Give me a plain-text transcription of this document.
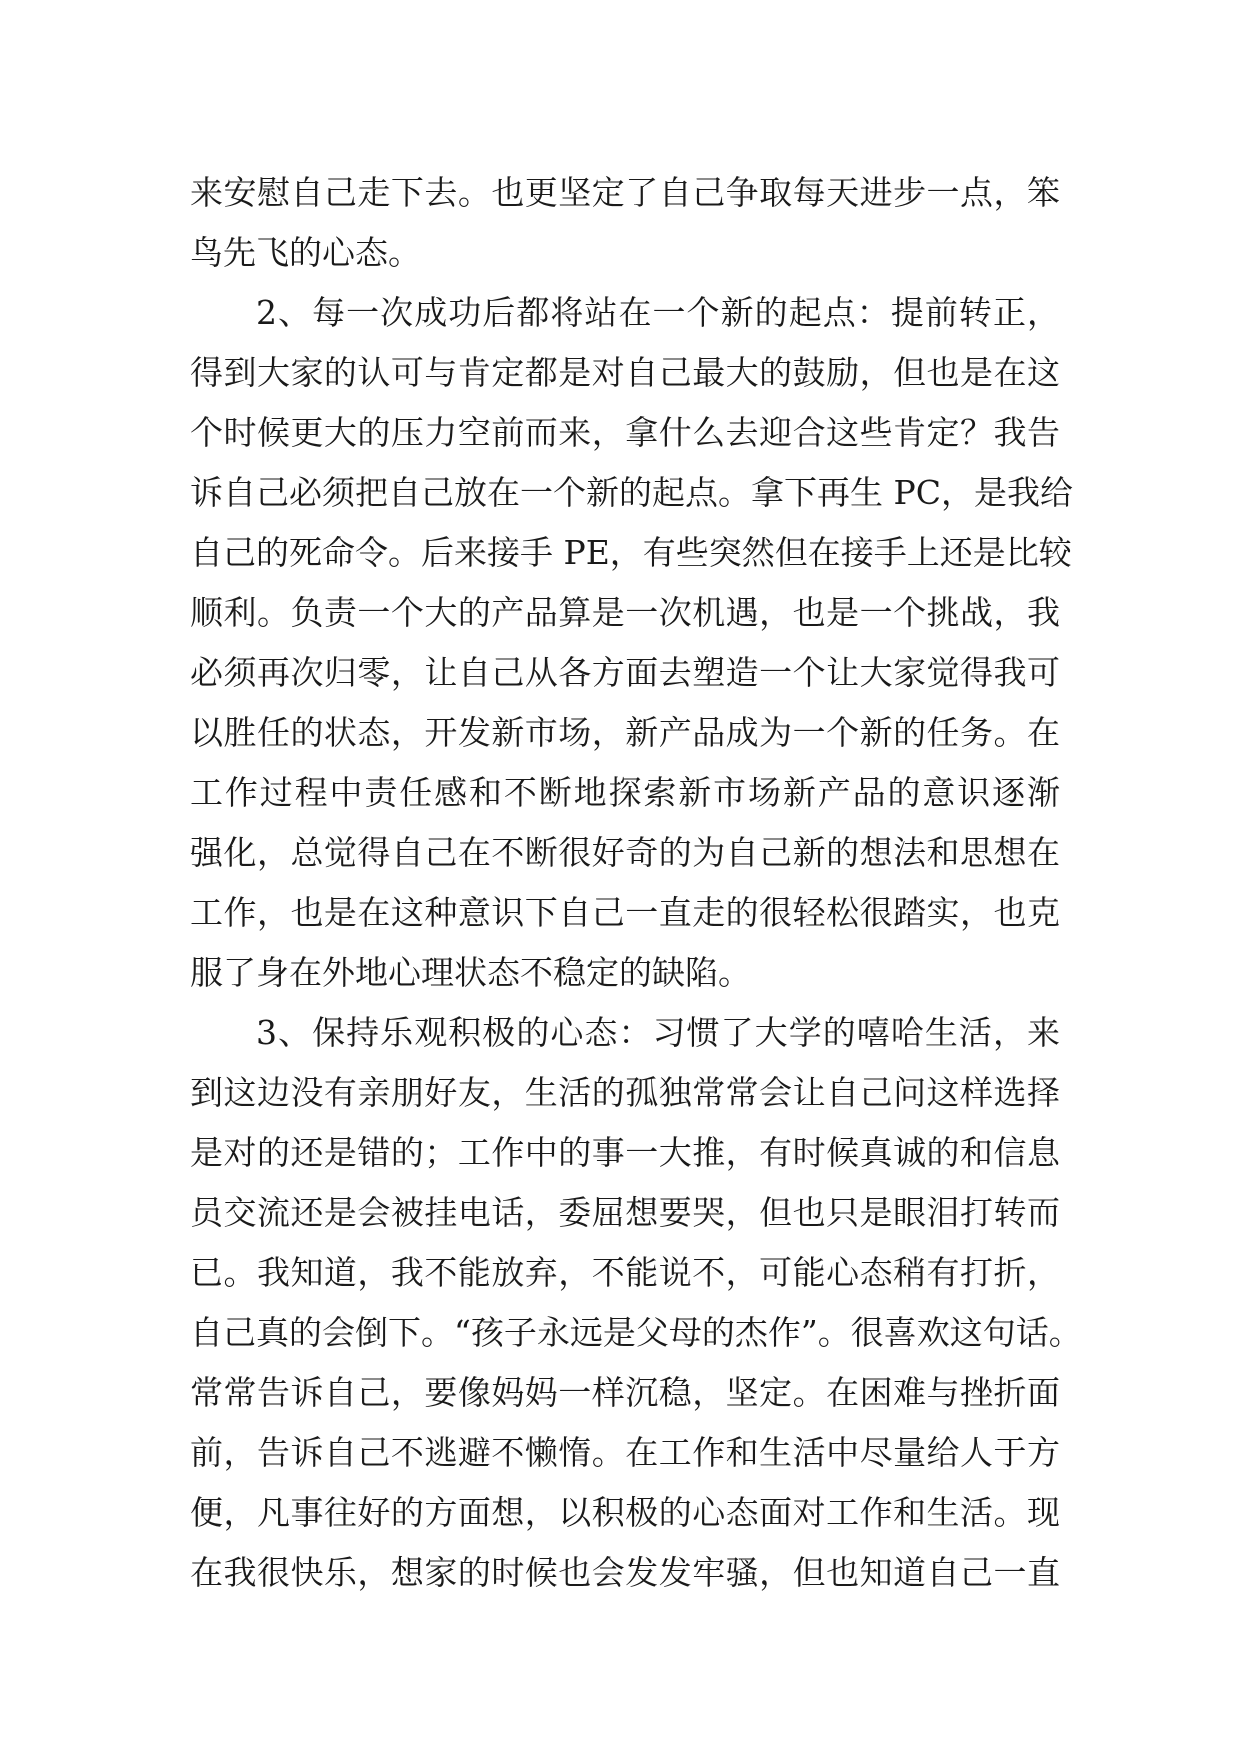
来安慰自己走下去。也更坚定了自己争取每天进步一点，笨
鸟先飞的心态。
2、每一次成功后都将站在一个新的起点：提前转正，
得到大家的认可与肯定都是对自己最大的鼓励，但也是在这
个时候更大的压力空前而来，拿什么去迎合这些肯定？我告
诉自己必须把自己放在一个新的起点。拿下再生 PC，是我给
自己的死命令。后来接手 PE，有些突然但在接手上还是比较
顺利。负责一个大的产品算是一次机遇，也是一个挑战，我
必须再次归零，让自己从各方面去塑造一个让大家觉得我可
以胜任的状态，开发新市场，新产品成为一个新的任务。在
工作过程中责任感和不断地探索新市场新产品的意识逐渐
强化，总觉得自己在不断很好奇的为自己新的想法和思想在
工作，也是在这种意识下自己一直走的很轻松很踏实，也克
服了身在外地心理状态不稳定的缺陷。
3、保持乐观积极的心态：习惯了大学的嘻哈生活，来
到这边没有亲朋好友，生活的孤独常常会让自己问这样选择
是对的还是错的；工作中的事一大推，有时候真诚的和信息
员交流还是会被挂电话，委屈想要哭，但也只是眼泪打转而
已。我知道，我不能放弃，不能说不，可能心态稍有打折，
自己真的会倒下。“孩子永远是父母的杰作”。很喜欢这句话。
常常告诉自己，要像妈妈一样沉稳，坚定。在困难与挫折面
前，告诉自己不逃避不懒惰。在工作和生活中尽量给人于方
便，凡事往好的方面想，以积极的心态面对工作和生活。现
在我很快乐，想家的时候也会发发牢骚，但也知道自己一直
